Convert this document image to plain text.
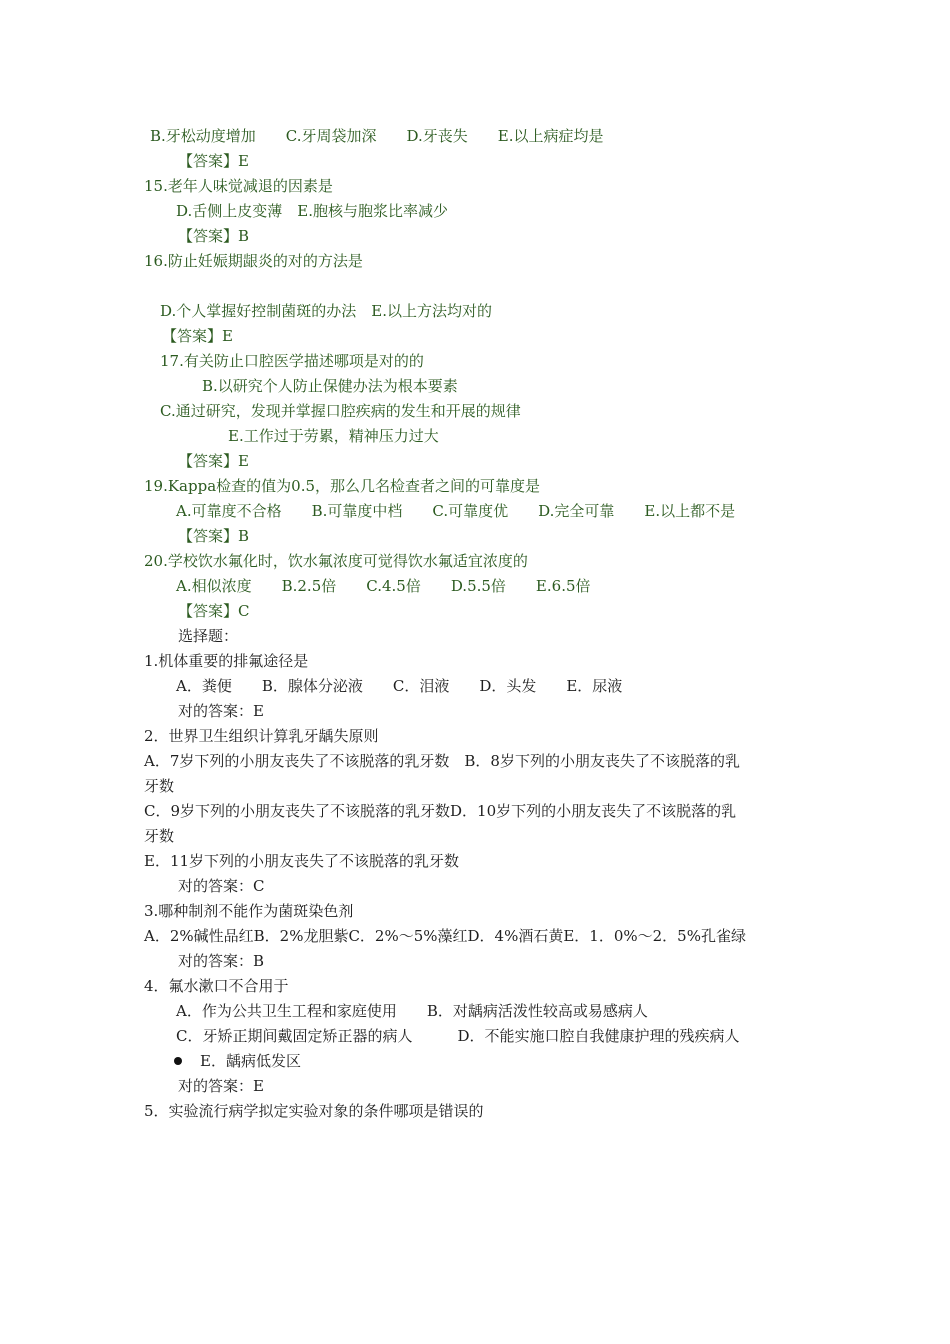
B.牙松动度增加　　C.牙周袋加深　　D.牙丧失　　E.以上病症均是
【答案】E
15.老年人味觉减退的因素是
D.舌侧上皮变薄　E.胞核与胞浆比率减少
【答案】B
16.防止妊娠期龈炎的对的方法是
D.个人掌握好控制菌斑的办法　E.以上方法均对的
【答案】E
17.有关防止口腔医学描述哪项是对的的
B.以研究个人防止保健办法为根本要素
C.通过研究，发现并掌握口腔疾病的发生和开展的规律
E.工作过于劳累，精神压力过大
【答案】E
19.Kappa检查的值为0.5，那么几名检查者之间的可靠度是
A.可靠度不合格　　B.可靠度中档　　C.可靠度优　　D.完全可靠　　E.以上都不是
【答案】B
20.学校饮水氟化时，饮水氟浓度可觉得饮水氟适宜浓度的
A.相似浓度　　B.2.5倍　　C.4.5倍　　D.5.5倍　　E.6.5倍
【答案】C
选择题：
1.机体重要的排氟途径是
A．粪便　　B．腺体分泌液　　C．泪液　　D．头发　　E．尿液
对的答案：E
2．世界卫生组织计算乳牙龋失原则
A．7岁下列的小朋友丧失了不该脱落的乳牙数　B．8岁下列的小朋友丧失了不该脱落的乳
牙数
C．9岁下列的小朋友丧失了不该脱落的乳牙数D．10岁下列的小朋友丧失了不该脱落的乳
牙数
E．11岁下列的小朋友丧失了不该脱落的乳牙数
对的答案：C
3.哪种制剂不能作为菌斑染色剂
A．2%碱性品红B．2%龙胆紫C．2%～5%藻红D．4%酒石黄E．1．0%～2．5%孔雀绿
对的答案：B
4．氟水漱口不合用于
A．作为公共卫生工程和家庭使用　　B．对龋病活泼性较高或易感病人
C．牙矫正期间戴固定矫正器的病人　　　D．不能实施口腔自我健康护理的残疾病人
E．龋病低发区
对的答案：E
5．实验流行病学拟定实验对象的条件哪项是错误的
